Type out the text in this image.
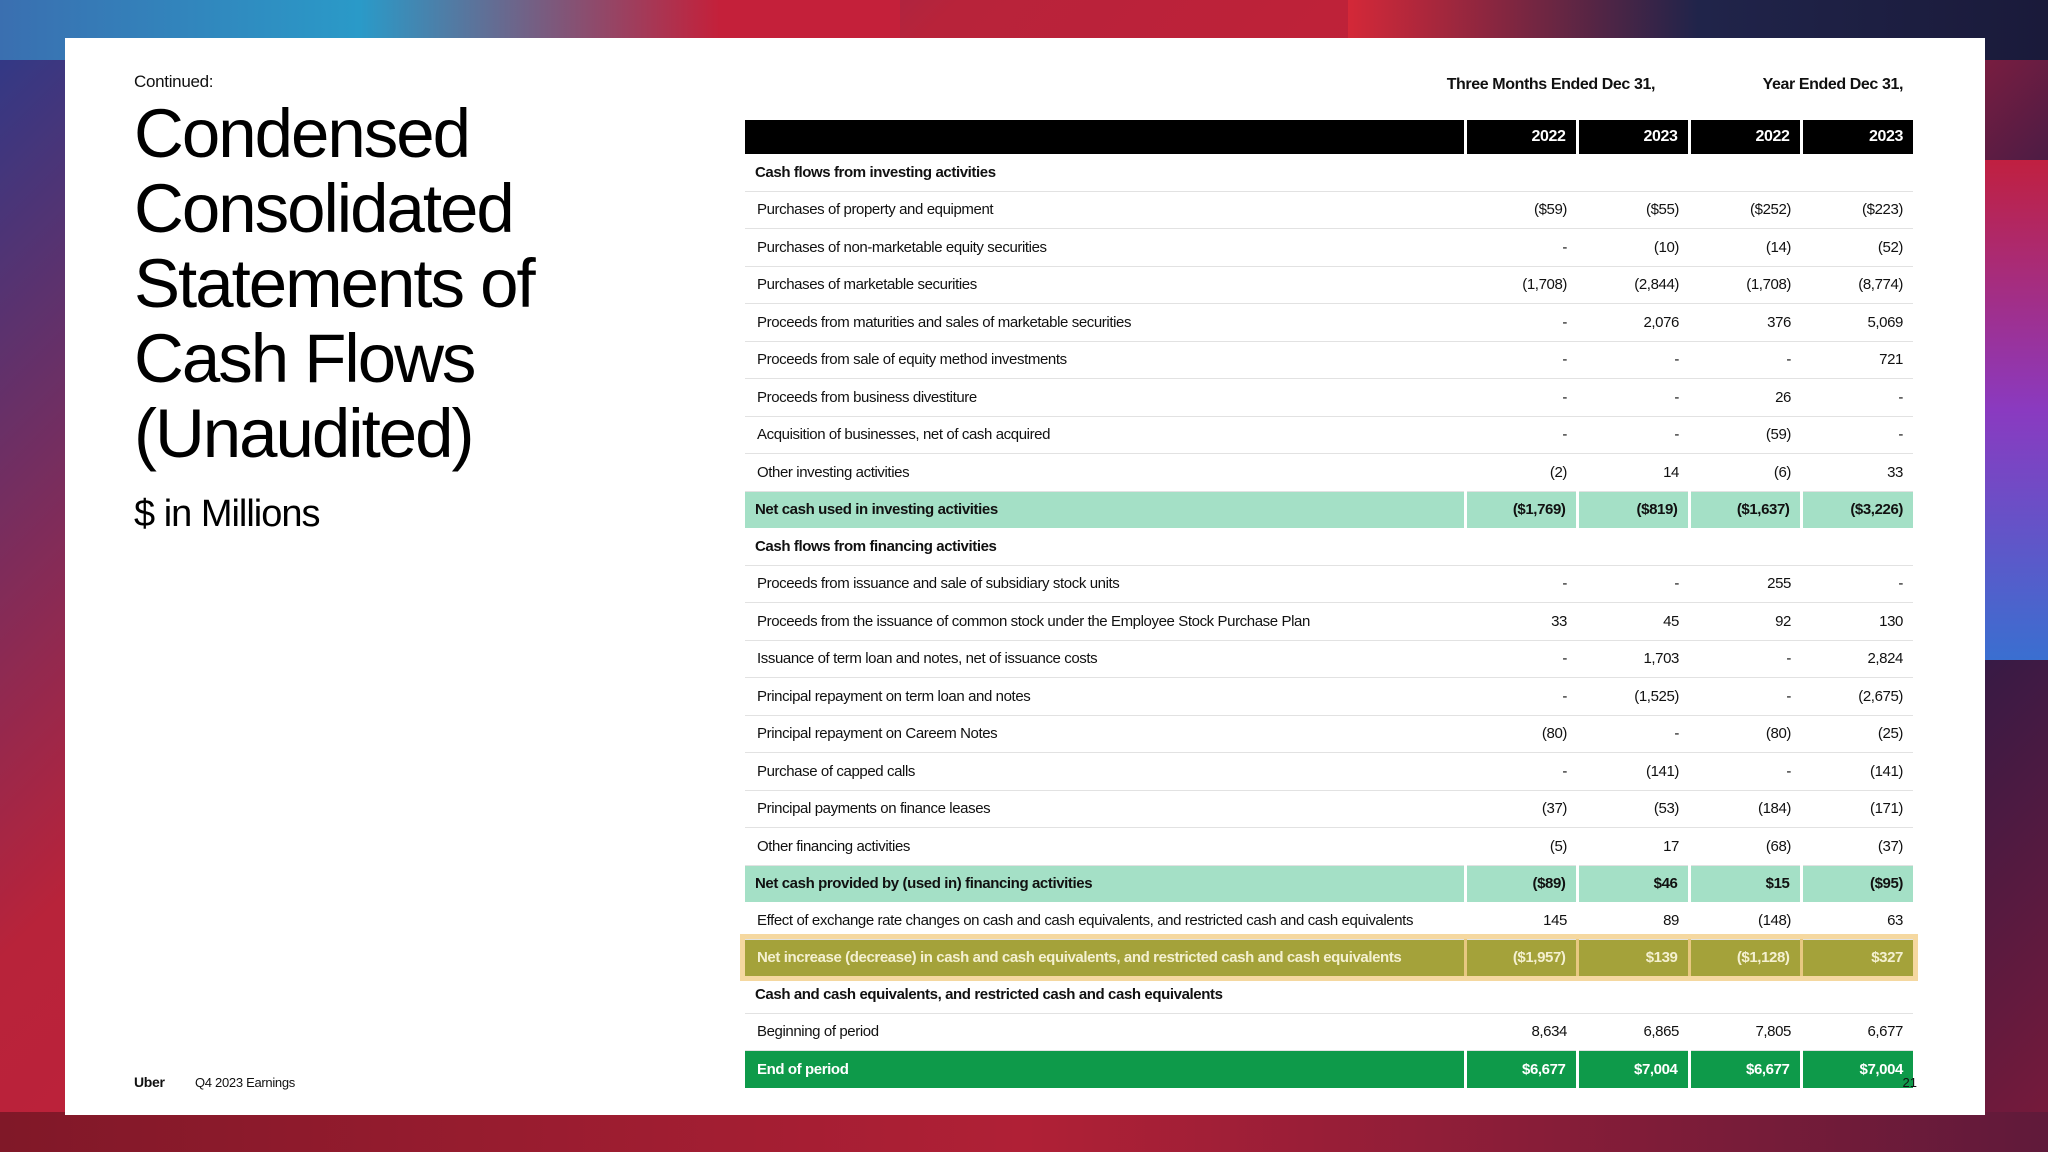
Continued:

Condensed
Consolidated
Statements of
Cash Flows
(Unaudited)
$ in Millions
Three Months Ended Dec 31,	Year Ended Dec 31,
	2022	2023	2022	2023
Cash flows from investing activities				
Purchases of property and equipment	($59)	($55)	($252)	($223)
Purchases of non-marketable equity securities	-	(10)	(14)	(52)
Purchases of marketable securities	(1,708)	(2,844)	(1,708)	(8,774)
Proceeds from maturities and sales of marketable securities	-	2,076	376	5,069
Proceeds from sale of equity method investments	-	-	-	721
Proceeds from business divestiture	-	-	26	-
Acquisition of businesses, net of cash acquired	-	-	(59)	-
Other investing activities	(2)	14	(6)	33
Net cash used in investing activities	($1,769)	($819)	($1,637)	($3,226)
Cash flows from financing activities				
Proceeds from issuance and sale of subsidiary stock units	-	-	255	-
Proceeds from the issuance of common stock under the Employee Stock Purchase Plan	33	45	92	130
Issuance of term loan and notes, net of issuance costs	-	1,703	-	2,824
Principal repayment on term loan and notes	-	(1,525)	-	(2,675)
Principal repayment on Careem Notes	(80)	-	(80)	(25)
Purchase of capped calls	-	(141)	-	(141)
Principal payments on finance leases	(37)	(53)	(184)	(171)
Other financing activities	(5)	17	(68)	(37)
Net cash provided by (used in) financing activities	($89)	$46	$15	($95)
Effect of exchange rate changes on cash and cash equivalents, and restricted cash and cash equivalents	145	89	(148)	63
Net increase (decrease) in cash and cash equivalents, and restricted cash and cash equivalents	($1,957)	$139	($1,128)	$327
Cash and cash equivalents, and restricted cash and cash equivalents				
Beginning of period	8,634	6,865	7,805	6,677
End of period	$6,677	$7,004	$6,677	$7,004
Uber Q4 2023 Earnings	21
